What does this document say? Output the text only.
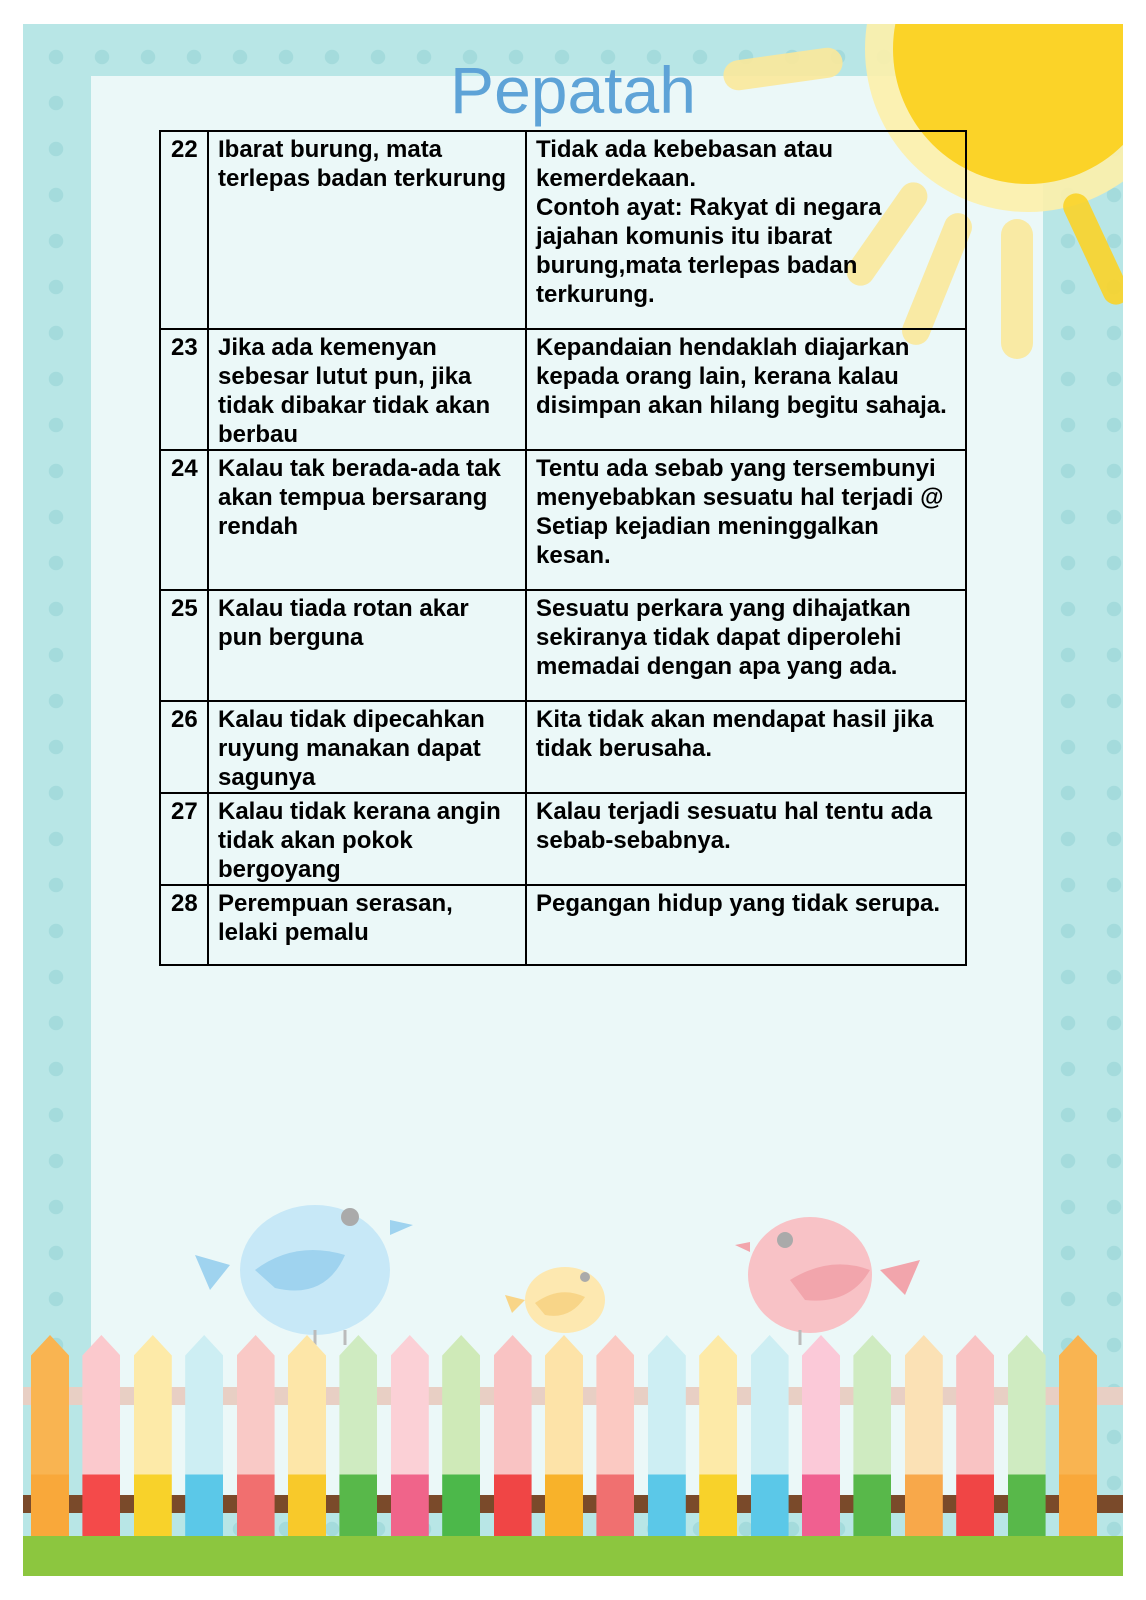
Pepatah
22	Ibarat burung, mata terlepas badan terkurung	Tidak ada kebebasan atau kemerdekaan.
Contoh ayat: Rakyat di negara jajahan komunis itu ibarat burung,mata terlepas badan terkurung.
23	Jika ada kemenyan sebesar lutut pun, jika tidak dibakar tidak akan berbau	Kepandaian hendaklah diajarkan kepada orang lain, kerana kalau disimpan akan hilang begitu sahaja.
24	Kalau tak berada-ada tak akan tempua bersarang rendah	Tentu ada sebab yang tersembunyi menyebabkan sesuatu hal terjadi @ Setiap kejadian meninggalkan kesan.
25	Kalau tiada rotan akar pun berguna	Sesuatu perkara yang dihajatkan sekiranya tidak dapat diperolehi memadai dengan apa yang ada.
26	Kalau tidak dipecahkan ruyung manakan dapat sagunya	Kita tidak akan mendapat hasil jika tidak berusaha.
27	Kalau tidak kerana angin tidak akan pokok bergoyang	Kalau terjadi sesuatu hal tentu ada sebab-sebabnya.
28	Perempuan serasan, lelaki pemalu	Pegangan hidup yang tidak serupa.
